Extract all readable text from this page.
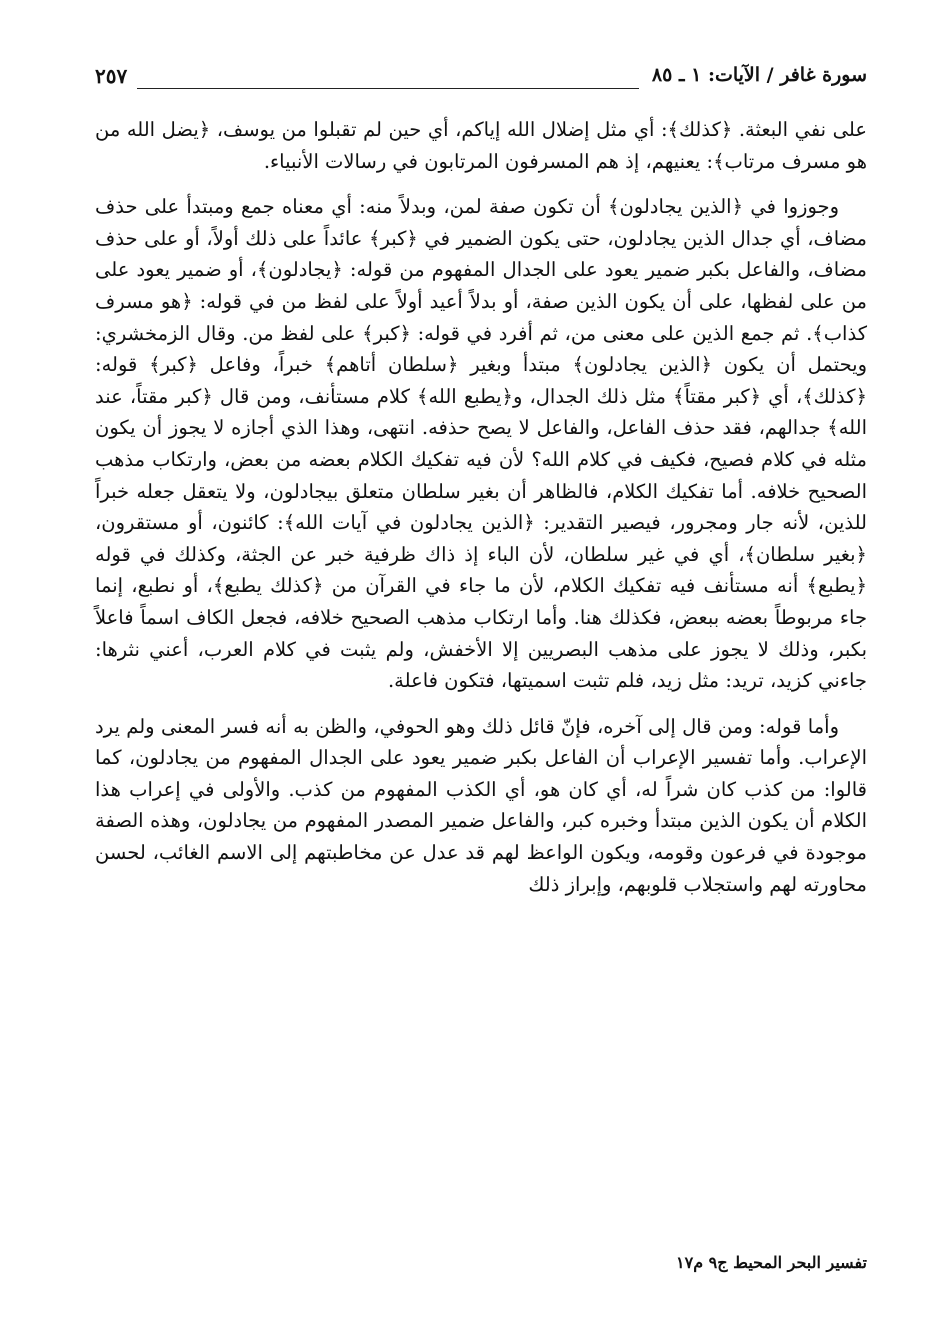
سورة غافر / الآيات: ١ ـ ٨٥
٢٥٧

على نفي البعثة. ﴿كذلك﴾: أي مثل إضلال الله إياكم، أي حين لم تقبلوا من يوسف، ﴿يضل الله من هو مسرف مرتاب﴾: يعنيهم، إذ هم المسرفون المرتابون في رسالات الأنبياء.

وجوزوا في ﴿الذين يجادلون﴾ أن تكون صفة لمن، وبدلاً منه: أي معناه جمع ومبتدأ على حذف مضاف، أي جدال الذين يجادلون، حتى يكون الضمير في ﴿كبر﴾ عائداً على ذلك أولاً، أو على حذف مضاف، والفاعل بكبر ضمير يعود على الجدال المفهوم من قوله: ﴿يجادلون﴾، أو ضمير يعود على من على لفظها، على أن يكون الذين صفة، أو بدلاً أعيد أولاً على لفظ من في قوله: ﴿هو مسرف كذاب﴾. ثم جمع الذين على معنى من، ثم أفرد في قوله: ﴿كبر﴾ على لفظ من. وقال الزمخشري: ويحتمل أن يكون ﴿الذين يجادلون﴾ مبتدأ وبغير ﴿سلطان أتاهم﴾ خبراً، وفاعل ﴿كبر﴾ قوله: ﴿كذلك﴾، أي ﴿كبر مقتاً﴾ مثل ذلك الجدال، و﴿يطبع الله﴾ كلام مستأنف، ومن قال ﴿كبر مقتاً، عند الله﴾ جدالهم، فقد حذف الفاعل، والفاعل لا يصح حذفه. انتهى، وهذا الذي أجازه لا يجوز أن يكون مثله في كلام فصيح، فكيف في كلام الله؟ لأن فيه تفكيك الكلام بعضه من بعض، وارتكاب مذهب الصحيح خلافه. أما تفكيك الكلام، فالظاهر أن بغير سلطان متعلق بيجادلون، ولا يتعقل جعله خبراً للذين، لأنه جار ومجرور، فيصير التقدير: ﴿الذين يجادلون في آيات الله﴾: كائنون، أو مستقرون، ﴿بغير سلطان﴾، أي في غير سلطان، لأن الباء إذ ذاك ظرفية خبر عن الجثة، وكذلك في قوله ﴿يطبع﴾ أنه مستأنف فيه تفكيك الكلام، لأن ما جاء في القرآن من ﴿كذلك يطبع﴾، أو نطبع، إنما جاء مربوطاً بعضه ببعض، فكذلك هنا. وأما ارتكاب مذهب الصحيح خلافه، فجعل الكاف اسماً فاعلاً بكبر، وذلك لا يجوز على مذهب البصريين إلا الأخفش، ولم يثبت في كلام العرب، أعني نثرها: جاءني كزيد، تريد: مثل زيد، فلم تثبت اسميتها، فتكون فاعلة.

وأما قوله: ومن قال إلى آخره، فإنّ قائل ذلك وهو الحوفي، والظن به أنه فسر المعنى ولم يرد الإعراب. وأما تفسير الإعراب أن الفاعل بكبر ضمير يعود على الجدال المفهوم من يجادلون، كما قالوا: من كذب كان شراً له، أي كان هو، أي الكذب المفهوم من كذب. والأولى في إعراب هذا الكلام أن يكون الذين مبتدأ وخبره كبر، والفاعل ضمير المصدر المفهوم من يجادلون، وهذه الصفة موجودة في فرعون وقومه، ويكون الواعظ لهم قد عدل عن مخاطبتهم إلى الاسم الغائب، لحسن محاورته لهم واستجلاب قلوبهم، وإبراز ذلك

تفسير البحر المحيط ج٩ م١٧
